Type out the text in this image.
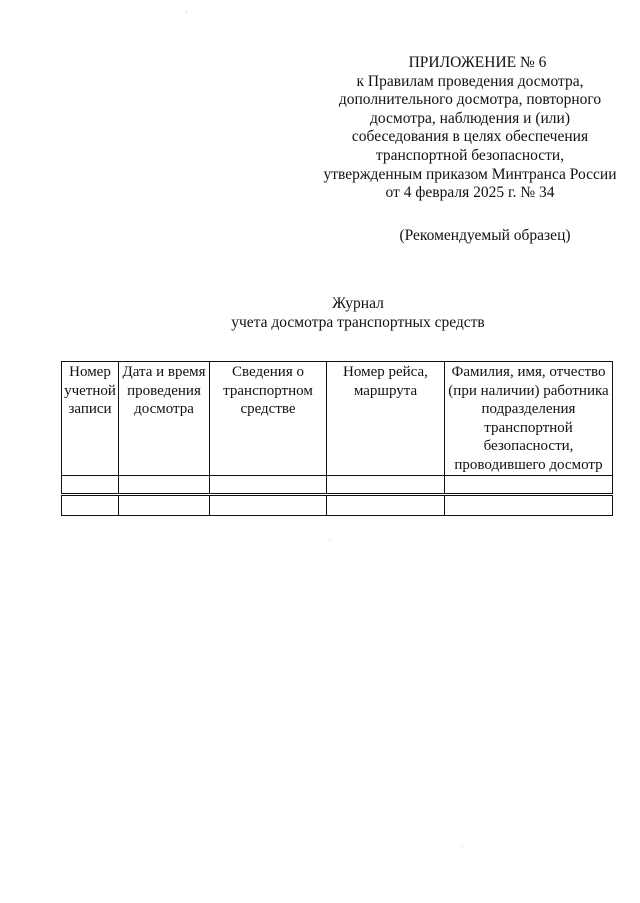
ПРИЛОЖЕНИЕ № 6
к Правилам проведения досмотра,
дополнительного досмотра, повторного
досмотра, наблюдения и (или)
собеседования в целях обеспечения
транспортной безопасности,
утвержденным приказом Минтранса России
от 4 февраля 2025 г. № 34
(Рекомендуемый образец)
Журнал
учета досмотра транспортных средств
Номер учетной записи	Дата и время проведения досмотра	Сведения о транспортном средстве	Номер рейса, маршрута	Фамилия, имя, отчество (при наличии) работника подразделения транспортной безопасности, проводившего досмотр
